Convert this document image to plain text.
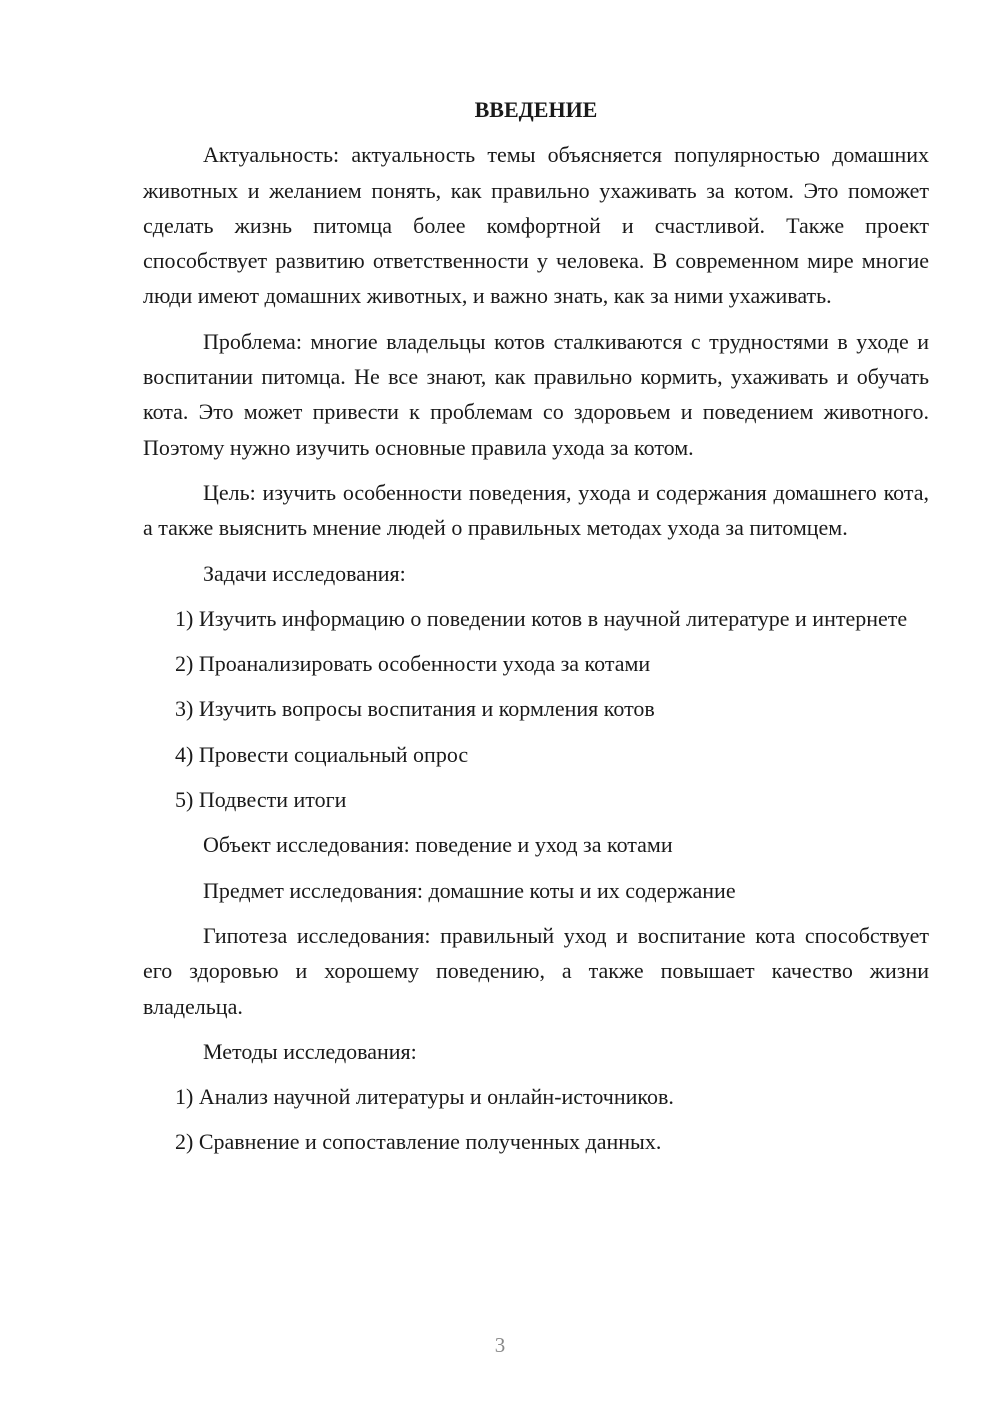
ВВЕДЕНИЕ

Актуальность: актуальность темы объясняется популярностью домашних животных и желанием понять, как правильно ухаживать за котом. Это поможет сделать жизнь питомца более комфортной и счастливой. Также проект способствует развитию ответственности у человека. В современном мире многие люди имеют домашних животных, и важно знать, как за ними ухаживать.

Проблема: многие владельцы котов сталкиваются с трудностями в уходе и воспитании питомца. Не все знают, как правильно кормить, ухаживать и обучать кота. Это может привести к проблемам со здоровьем и поведением животного. Поэтому нужно изучить основные правила ухода за котом.

Цель: изучить особенности поведения, ухода и содержания домашнего кота, а также выяснить мнение людей о правильных методах ухода за питомцем.

Задачи исследования:

1) Изучить информацию о поведении котов в научной литературе и интернете

2) Проанализировать особенности ухода за котами

3) Изучить вопросы воспитания и кормления котов

4) Провести социальный опрос

5) Подвести итоги

Объект исследования: поведение и уход за котами

Предмет исследования: домашние коты и их содержание

Гипотеза исследования: правильный уход и воспитание кота способствует его здоровью и хорошему поведению, а также повышает качество жизни владельца.

Методы исследования:

1) Анализ научной литературы и онлайн-источников.

2) Сравнение и сопоставление полученных данных.

3
